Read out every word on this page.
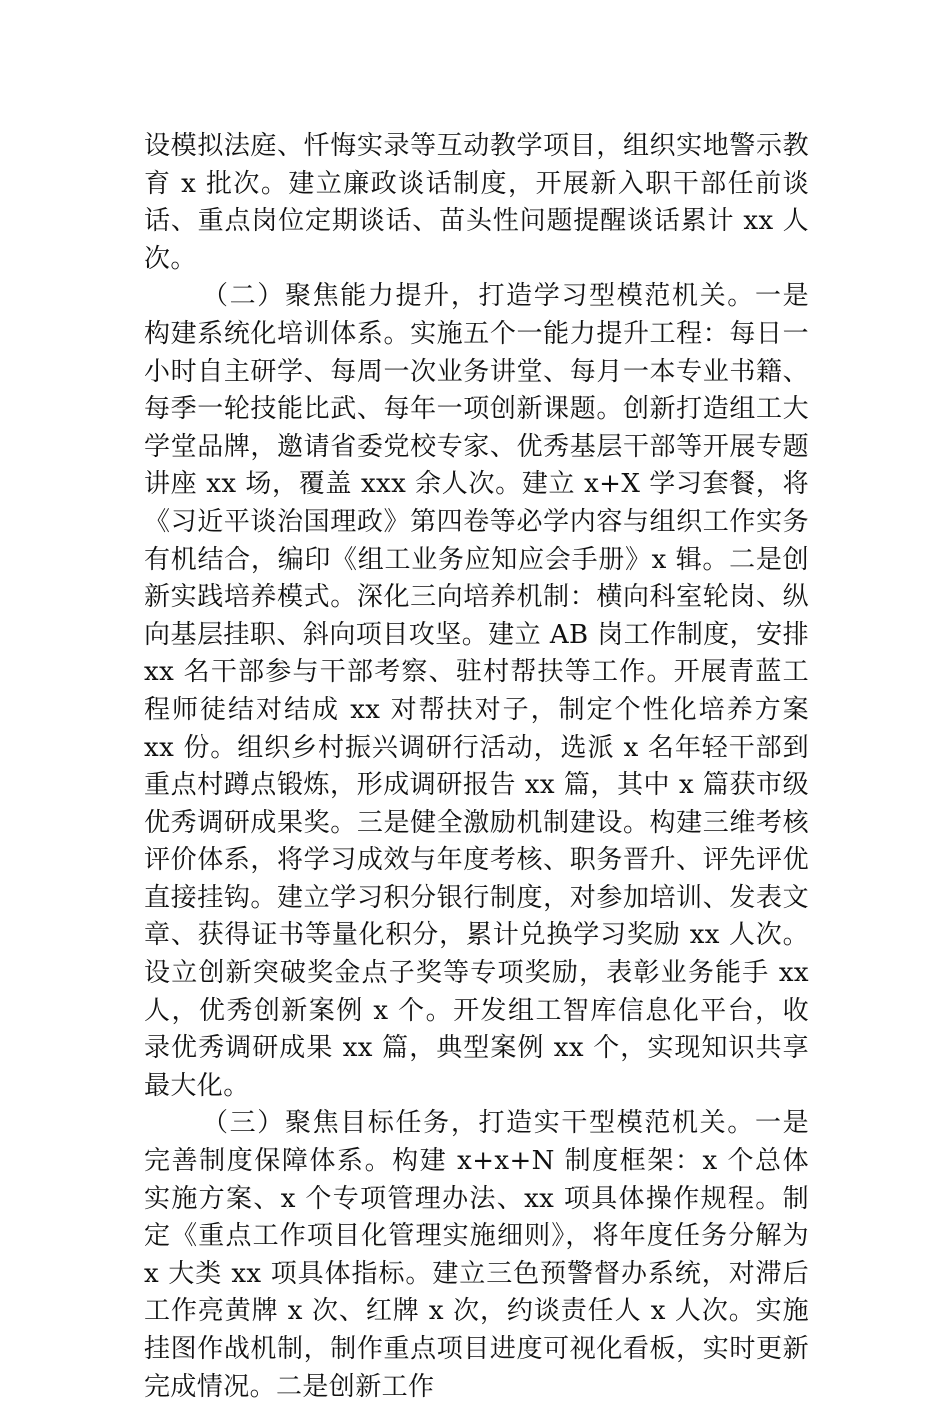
设模拟法庭、忏悔实录等互动教学项目，组织实地警示教育 x 批次。建立廉政谈话制度，开展新入职干部任前谈话、重点岗位定期谈话、苗头性问题提醒谈话累计 xx 人次。

（二）聚焦能力提升，打造学习型模范机关。一是构建系统化培训体系。实施五个一能力提升工程：每日一小时自主研学、每周一次业务讲堂、每月一本专业书籍、每季一轮技能比武、每年一项创新课题。创新打造组工大学堂品牌，邀请省委党校专家、优秀基层干部等开展专题讲座 xx 场，覆盖 xxx 余人次。建立 x+X 学习套餐，将《习近平谈治国理政》第四卷等必学内容与组织工作实务有机结合，编印《组工业务应知应会手册》x 辑。二是创新实践培养模式。深化三向培养机制：横向科室轮岗、纵向基层挂职、斜向项目攻坚。建立 AB 岗工作制度，安排 xx 名干部参与干部考察、驻村帮扶等工作。开展青蓝工程师徒结对结成 xx 对帮扶对子，制定个性化培养方案 xx 份。组织乡村振兴调研行活动，选派 x 名年轻干部到重点村蹲点锻炼，形成调研报告 xx 篇，其中 x 篇获市级优秀调研成果奖。三是健全激励机制建设。构建三维考核评价体系，将学习成效与年度考核、职务晋升、评先评优直接挂钩。建立学习积分银行制度，对参加培训、发表文章、获得证书等量化积分，累计兑换学习奖励 xx 人次。设立创新突破奖金点子奖等专项奖励，表彰业务能手 xx 人，优秀创新案例 x 个。开发组工智库信息化平台，收录优秀调研成果 xx 篇，典型案例 xx 个，实现知识共享最大化。

（三）聚焦目标任务，打造实干型模范机关。一是完善制度保障体系。构建 x+x+N 制度框架：x 个总体实施方案、x 个专项管理办法、xx 项具体操作规程。制定《重点工作项目化管理实施细则》，将年度任务分解为 x 大类 xx 项具体指标。建立三色预警督办系统，对滞后工作亮黄牌 x 次、红牌 x 次，约谈责任人 x 人次。实施挂图作战机制，制作重点项目进度可视化看板，实时更新完成情况。二是创新工作
